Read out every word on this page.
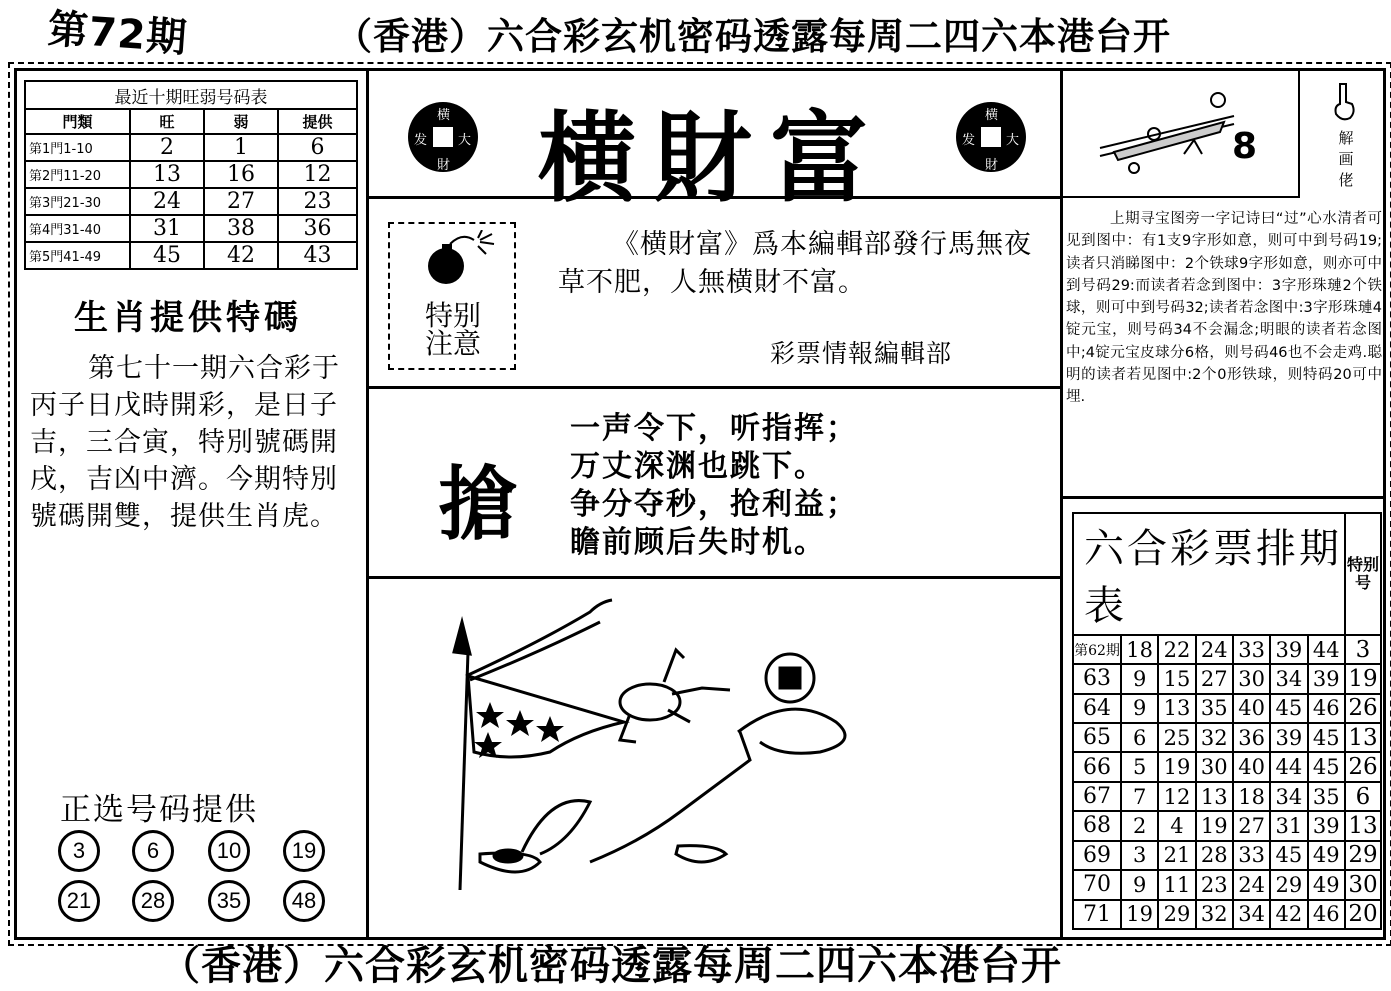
第72期	（香港）六合彩玄机密码透露每周二四六本港台开
最近十期旺弱号码表			
門類	旺	弱	提供
第1門1-10	2	1	6
第2門11-20	13	16	12
第3門21-30	24	27	23
第4門31-40	31	38	36
第5門41-49	45	42	43
生肖提供特碼
第七十一期六合彩于丙子日戊時開彩，是日子吉，三合寅，特別號碼開戌，吉凶中濟。今期特別號碼開雙，提供生肖虎。
正选号码提供
3	6	10	19
21	28	35	48
横
大
財
发 横財富	横
大
財
发
特别
注意
《横財富》爲本編輯部發行馬無夜草不肥，人無横財不富。
彩票情報編輯部
搶
一声令下，听指挥；
万丈深渊也跳下。
争分夺秒，抢利益；
瞻前顾后失时机。
8	解画佬
上期寻宝图旁一字记诗曰“过”心水清者可见到图中：有1支9字形如意，则可中到号码19;读者只消睇图中：2个铁球9字形如意，则亦可中到号码29:而读者若念到图中：3字形珠璉2个铁球，则可中到号码32;读者若念图中:3字形珠璉4锭元宝，则号码34不会漏念;明眼的读者若念图中;4锭元宝皮球分6格，则号码46也不会走鸡.聪明的读者若见图中:2个0形铁球，则特码20可中埋.
六合彩票排期表							特别号
第62期	18	22	24	33	39	44	3
63	9	15	27	30	34	39	19
64	9	13	35	40	45	46	26
65	6	25	32	36	39	45	13
66	5	19	30	40	44	45	26
67	7	12	13	18	34	35	6
68	2	4	19	27	31	39	13
69	3	21	28	33	45	49	29
70	9	11	23	24	29	49	30
71	19	29	32	34	42	46	20
（香港）六合彩玄机密码透露每周二四六本港台开
